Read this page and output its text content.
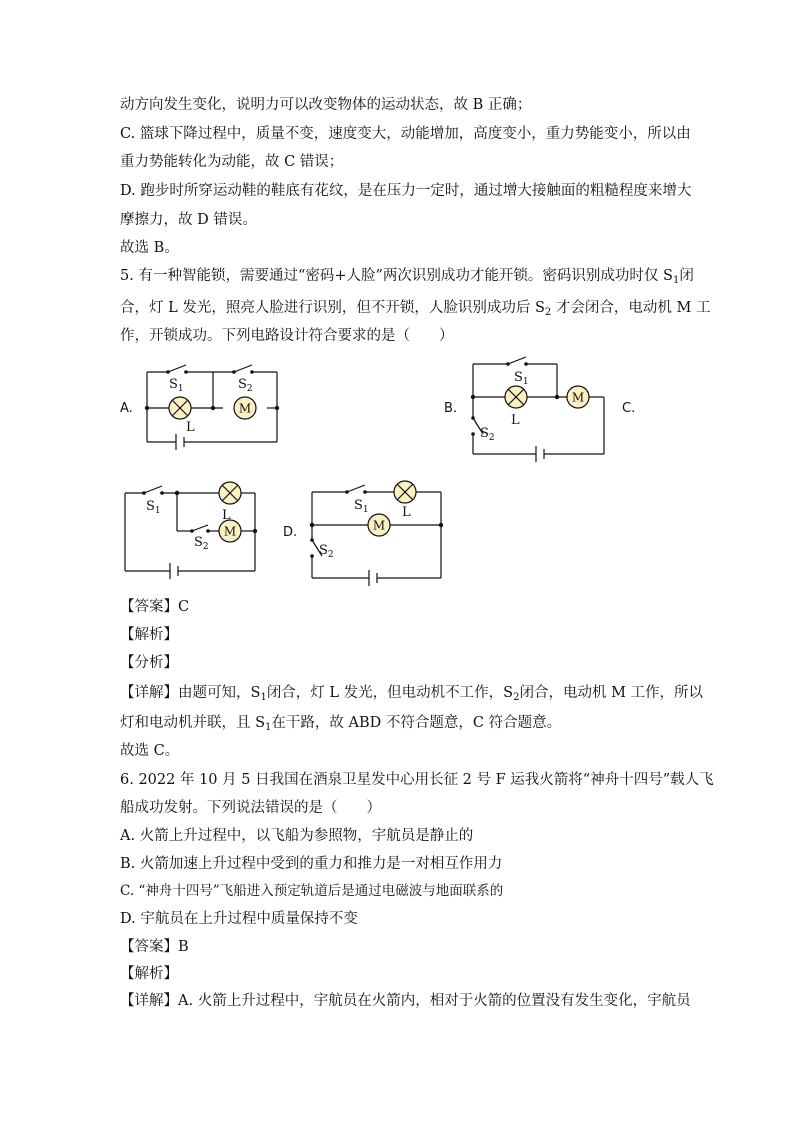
动方向发生变化，说明力可以改变物体的运动状态，故 B 正确；
C. 篮球下降过程中，质量不变，速度变大，动能增加，高度变小，重力势能变小，所以由
重力势能转化为动能，故 C 错误；
D. 跑步时所穿运动鞋的鞋底有花纹，是在压力一定时，通过增大接触面的粗糙程度来增大
摩擦力，故 D 错误。
故选 B。
5. 有一种智能锁，需要通过“密码+人脸”两次识别成功才能开锁。密码识别成功时仅 $S_1$闭
合，灯 L 发光，照亮人脸进行识别，但不开锁，人脸识别成功后 $S_2$ 才会闭合，电动机 M 工
作，开锁成功。下列电路设计符合要求的是（　　）
A.	B.	C.
D.
M
$S_1$	$S_2$
L
M
$S_1$
L
$S_2$
M
$S_1$	L
$S_2$
M
$S_1$	L
$S_2$
【答案】C
【解析】
【分析】
【详解】由题可知，$S_1$闭合，灯 L 发光，但电动机不工作，$S_2$闭合，电动机 M 工作，所以
灯和电动机并联，且 $S_1$在干路，故 ABD 不符合题意，C 符合题意。
故选 C。
6. 2022 年 10 月 5 日我国在酒泉卫星发中心用长征 2 号 F 运我火箭将“神舟十四号”载人飞
船成功发射。下列说法错误的是（　　）
A. 火箭上升过程中，以飞船为参照物，宇航员是静止的
B. 火箭加速上升过程中受到的重力和推力是一对相互作用力
C. “神舟十四号”飞船进入预定轨道后是通过电磁波与地面联系的
D. 宇航员在上升过程中质量保持不变
【答案】B
【解析】
【详解】A. 火箭上升过程中，宇航员在火箭内，相对于火箭的位置没有发生变化，宇航员
